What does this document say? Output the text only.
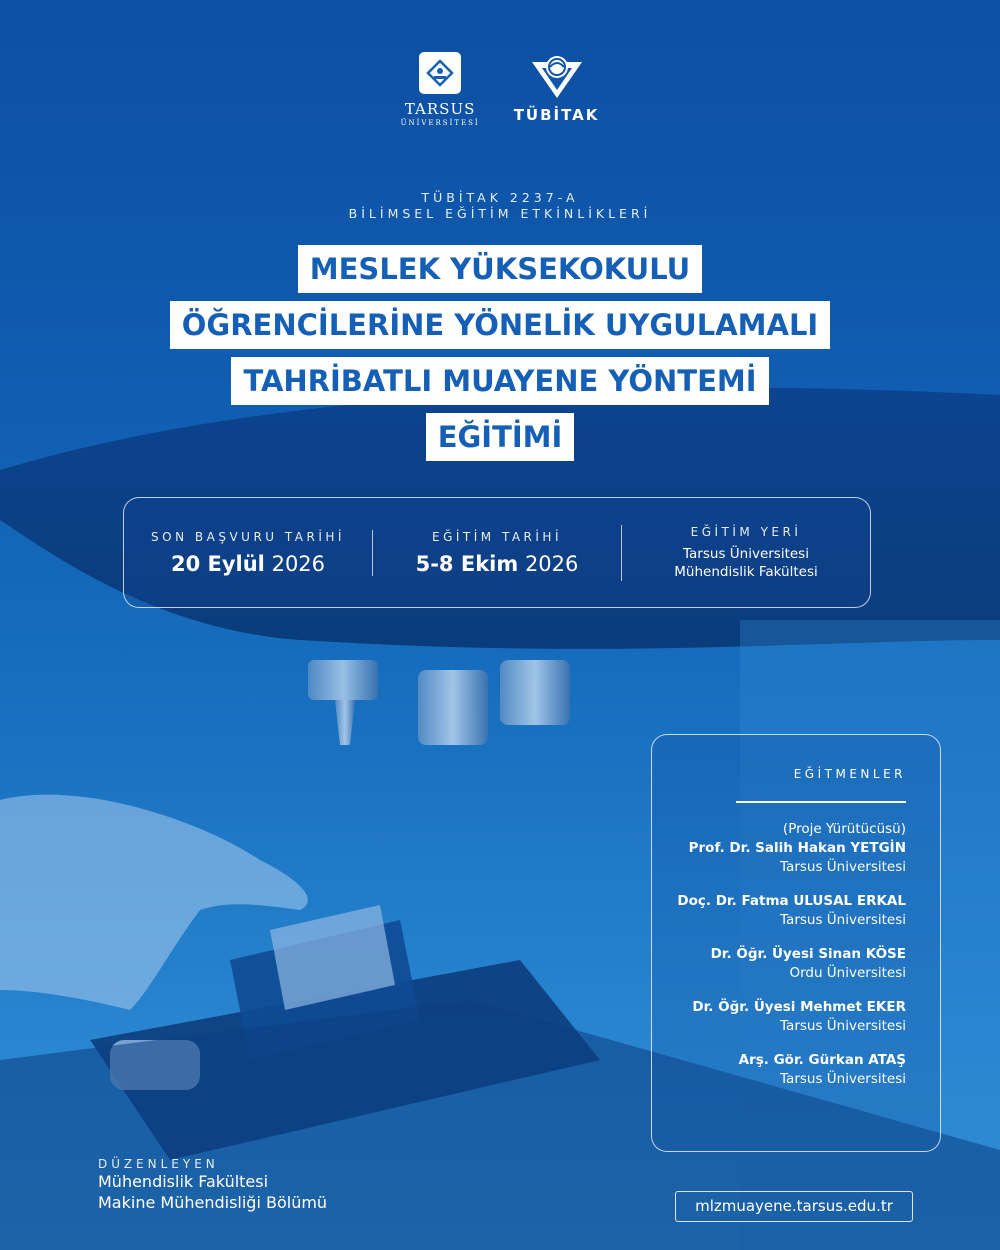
TARSUS
ÜNİVERSİTESİ TÜBİTAK
TÜBİTAK 2237-A
BİLİMSEL EĞİTİM ETKİNLİKLERİ
MESLEK YÜKSEKOKULU
ÖĞRENCİLERİNE YÖNELİK UYGULAMALI
TAHRİBATLI MUAYENE YÖNTEMİ
EĞİTİMİ
SON BAŞVURU TARİHİ
20 Eylül 2026
EĞİTİM TARİHİ
5-8 Ekim 2026
EĞİTİM YERİ
Tarsus Üniversitesi
Mühendislik Fakültesi
EĞİTMENLER
(Proje Yürütücüsü)
Prof. Dr. Salih Hakan YETGİN
Tarsus Üniversitesi
Doç. Dr. Fatma ULUSAL ERKAL
Tarsus Üniversitesi
Dr. Öğr. Üyesi Sinan KÖSE
Ordu Üniversitesi
Dr. Öğr. Üyesi Mehmet EKER
Tarsus Üniversitesi
Arş. Gör. Gürkan ATAŞ
Tarsus Üniversitesi
DÜZENLEYEN
Mühendislik Fakültesi
Makine Mühendisliği Bölümü	mlzmuayene.tarsus.edu.tr
